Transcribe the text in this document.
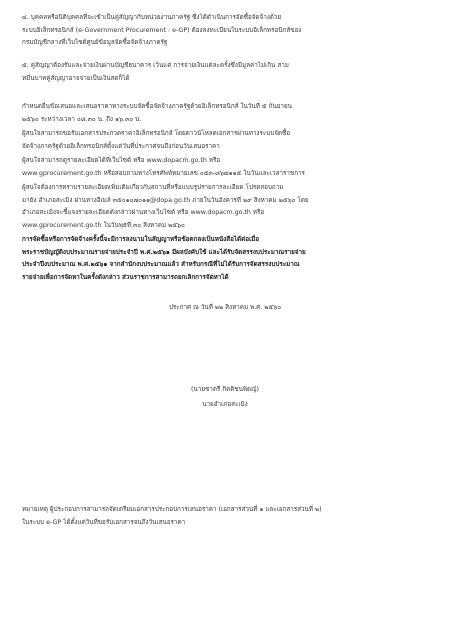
๔. บุคคลหรือนิติบุคคลที่จะเข้าเป็นคู่สัญญากับหน่วยงานภาครัฐ ซึ่งได้ดำเนินการจัดซื้อจัดจ้างด้วย
ระบบอิเล็กทรอนิกส์ (e-Government Procurement : e-GP) ต้องลงทะเบียนในระบบอิเล็กทรอนิกส์ของ
กรมบัญชีกลางที่เว็บไซต์ศูนย์ข้อมูลจัดซื้อจัดจ้างภาครัฐ

๕. คู่สัญญาต้องรับและจ่ายเงินผ่านบัญชีธนาคาร เว้นแต่ การจ่ายเงินแต่ละครั้งซึ่งมีมูลค่าไม่เกิน สาม
หมื่นบาทคู่สัญญาอาจจ่ายเป็นเงินสดก็ได้

กำหนดยื่นข้อเสนอและเสนอราคาทางระบบจัดซื้อจัดจ้างภาครัฐด้วยอิเล็กทรอนิกส์ ในวันที่ ๕ กันยายน
๒๕๖๐ ระหว่างเวลา ๐๘.๓๐ น. ถึง ๑๖.๓๐ น.

ผู้สนใจสามารถขอรับเอกสารประกวดราคาอิเล็กทรอนิกส์ โดยดาวน์โหลดเอกสารผ่านทางระบบจัดซื้อ
จัดจ้างภาครัฐด้วยอิเล็กทรอนิกส์ตั้งแต่วันที่ประกาศจนถึงก่อนวันเสนอราคา

ผู้สนใจสามารถดูรายละเอียดได้ที่เว็บไซต์ หรือ www.dopacm.go.th หรือ
www.gprocurement.go.th หรือสอบถามทางโทรศัพท์หมายเลข ๐๕๓-๘๖๗๑๑๕ ในวันและเวลาราชการ

ผู้สนใจต้องการทราบรายละเอียดเพิ่มเติมเกี่ยวกับสถานที่หรือแบบรูปรายการละเอียด โปรดสอบถาม
มายัง อำเภอสะเมิง ผ่านทางอีเมล์ ๓๕๐๑๐๗๐๑๑@dopa.go.th ภายในวันอังคารที่ ๒๙ สิงหาคม ๒๕๖๐ โดย
อำเภอสะเมิงจะชี้แจงรายละเอียดดังกล่าวผ่านทางเว็บไซต์ หรือ www.dopacm.go.th หรือ
www.gprocurement.go.th ในวันพุธที่ ๓๐ สิงหาคม ๒๕๖๐

การจัดซื้อหรือการจัดจ้างครั้งนี้จะมีการลงนามในสัญญาหรือข้อตกลงเป็นหนังสือได้ต่อเมื่อ
พระราชบัญญัติงบประมาณรายจ่ายประจำปี พ.ศ.๒๕๖๑ มีผลบังคับใช้ และได้รับจัดสรรงบประมาณรายจ่าย
ประจำปีงบประมาณ พ.ศ.๒๕๖๑ จากสำนักงบประมาณแล้ว สำหรับกรณีที่ไม่ได้รับการจัดสรรงบประมาณ
รายจ่ายเพื่อการจัดหาในครั้งดังกล่าว ส่วนราชการสามารถยกเลิกการจัดหาได้

ประกาศ ณ วันที่ ๒๒ สิงหาคม พ.ศ. ๒๕๖๐

(นายชาตรี กิตติชนพิดญ์)

นายอำเภอสะเมิง

หมายเหตุ ผู้ประกอบการสามารถจัดเตรียมเอกสารประกอบการเสนอราคา (เอกสารส่วนที่ ๑ และเอกสารส่วนที่ ๒)
ในระบบ e-GP ได้ตั้งแต่วันที่ขอรับเอกสารจนถึงวันเสนอราคา
